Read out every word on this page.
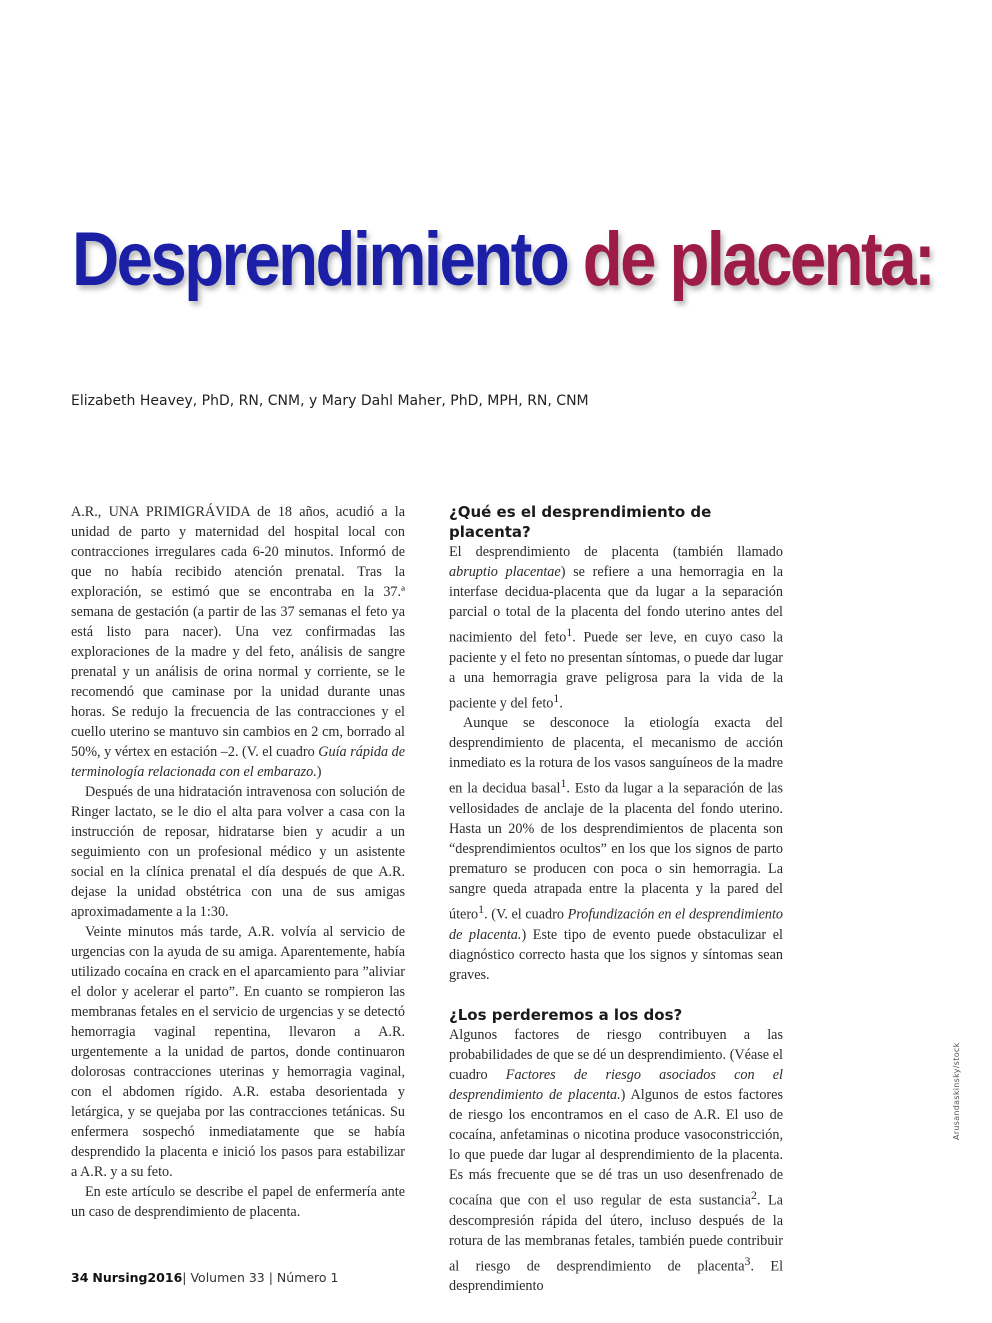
Desprendimiento de placenta:

Elizabeth Heavey, PhD, RN, CNM, y Mary Dahl Maher, PhD, MPH, RN, CNM

A.R., UNA PRIMIGRÁVIDA de 18 años, acudió a la unidad de parto y maternidad del hospital local con contracciones irregulares cada 6-20 minutos. Informó de que no había recibido atención prenatal. Tras la exploración, se estimó que se encontraba en la 37.ª semana de gestación (a partir de las 37 semanas el feto ya está listo para nacer). Una vez confirmadas las exploraciones de la madre y del feto, análisis de sangre prenatal y un análisis de orina normal y corriente, se le recomendó que caminase por la unidad durante unas horas. Se redujo la frecuencia de las contracciones y el cuello uterino se mantuvo sin cambios en 2 cm, borrado al 50%, y vértex en estación –2. (V. el cuadro Guía rápida de terminología relacionada con el embarazo.)

Después de una hidratación intravenosa con solución de Ringer lactato, se le dio el alta para volver a casa con la instrucción de reposar, hidratarse bien y acudir a un seguimiento con un profesional médico y un asistente social en la clínica prenatal el día después de que A.R. dejase la unidad obstétrica con una de sus amigas aproximadamente a la 1:30.

Veinte minutos más tarde, A.R. volvía al servicio de urgencias con la ayuda de su amiga. Aparentemente, había utilizado cocaína en crack en el aparcamiento para ”aliviar el dolor y acelerar el parto”. En cuanto se rompieron las membranas fetales en el servicio de urgencias y se detectó hemorragia vaginal repentina, llevaron a A.R. urgentemente a la unidad de partos, donde continuaron dolorosas contracciones uterinas y hemorragia vaginal, con el abdomen rígido. A.R. estaba desorientada y letárgica, y se quejaba por las contracciones tetánicas. Su enfermera sospechó inmediatamente que se había desprendido la placenta e inició los pasos para estabilizar a A.R. y a su feto.

En este artículo se describe el papel de enfermería ante un caso de desprendimiento de placenta.

¿Qué es el desprendimiento de placenta?

El desprendimiento de placenta (también llamado abruptio placentae) se refiere a una hemorragia en la interfase decidua-placenta que da lugar a la separación parcial o total de la placenta del fondo uterino antes del nacimiento del feto$^1$. Puede ser leve, en cuyo caso la paciente y el feto no presentan síntomas, o puede dar lugar a una hemorragia grave peligrosa para la vida de la paciente y del feto$^1$.

Aunque se desconoce la etiología exacta del desprendimiento de placenta, el mecanismo de acción inmediato es la rotura de los vasos sanguíneos de la madre en la decidua basal$^1$. Esto da lugar a la separación de las vellosidades de anclaje de la placenta del fondo uterino. Hasta un 20% de los desprendimientos de placenta son “desprendimientos ocultos” en los que los signos de parto prematuro se producen con poca o sin hemorragia. La sangre queda atrapada entre la placenta y la pared del útero$^1$. (V. el cuadro Profundización en el desprendimiento de placenta.) Este tipo de evento puede obstaculizar el diagnóstico correcto hasta que los signos y síntomas sean graves.

¿Los perderemos a los dos?

Algunos factores de riesgo contribuyen a las probabilidades de que se dé un desprendimiento. (Véase el cuadro Factores de riesgo asociados con el desprendimiento de placenta.) Algunos de estos factores de riesgo los encontramos en el caso de A.R. El uso de cocaína, anfetaminas o nicotina produce vasoconstricción, lo que puede dar lugar al desprendimiento de la placenta. Es más frecuente que se dé tras un uso desenfrenado de cocaína que con el uso regular de esta sustancia$^2$. La descompresión rápida del útero, incluso después de la rotura de las membranas fetales, también puede contribuir al riesgo de desprendimiento de placenta$^3$. El desprendimiento

Arusandaskinsky/stock

34 Nursing2016| Volumen 33 | Número 1
